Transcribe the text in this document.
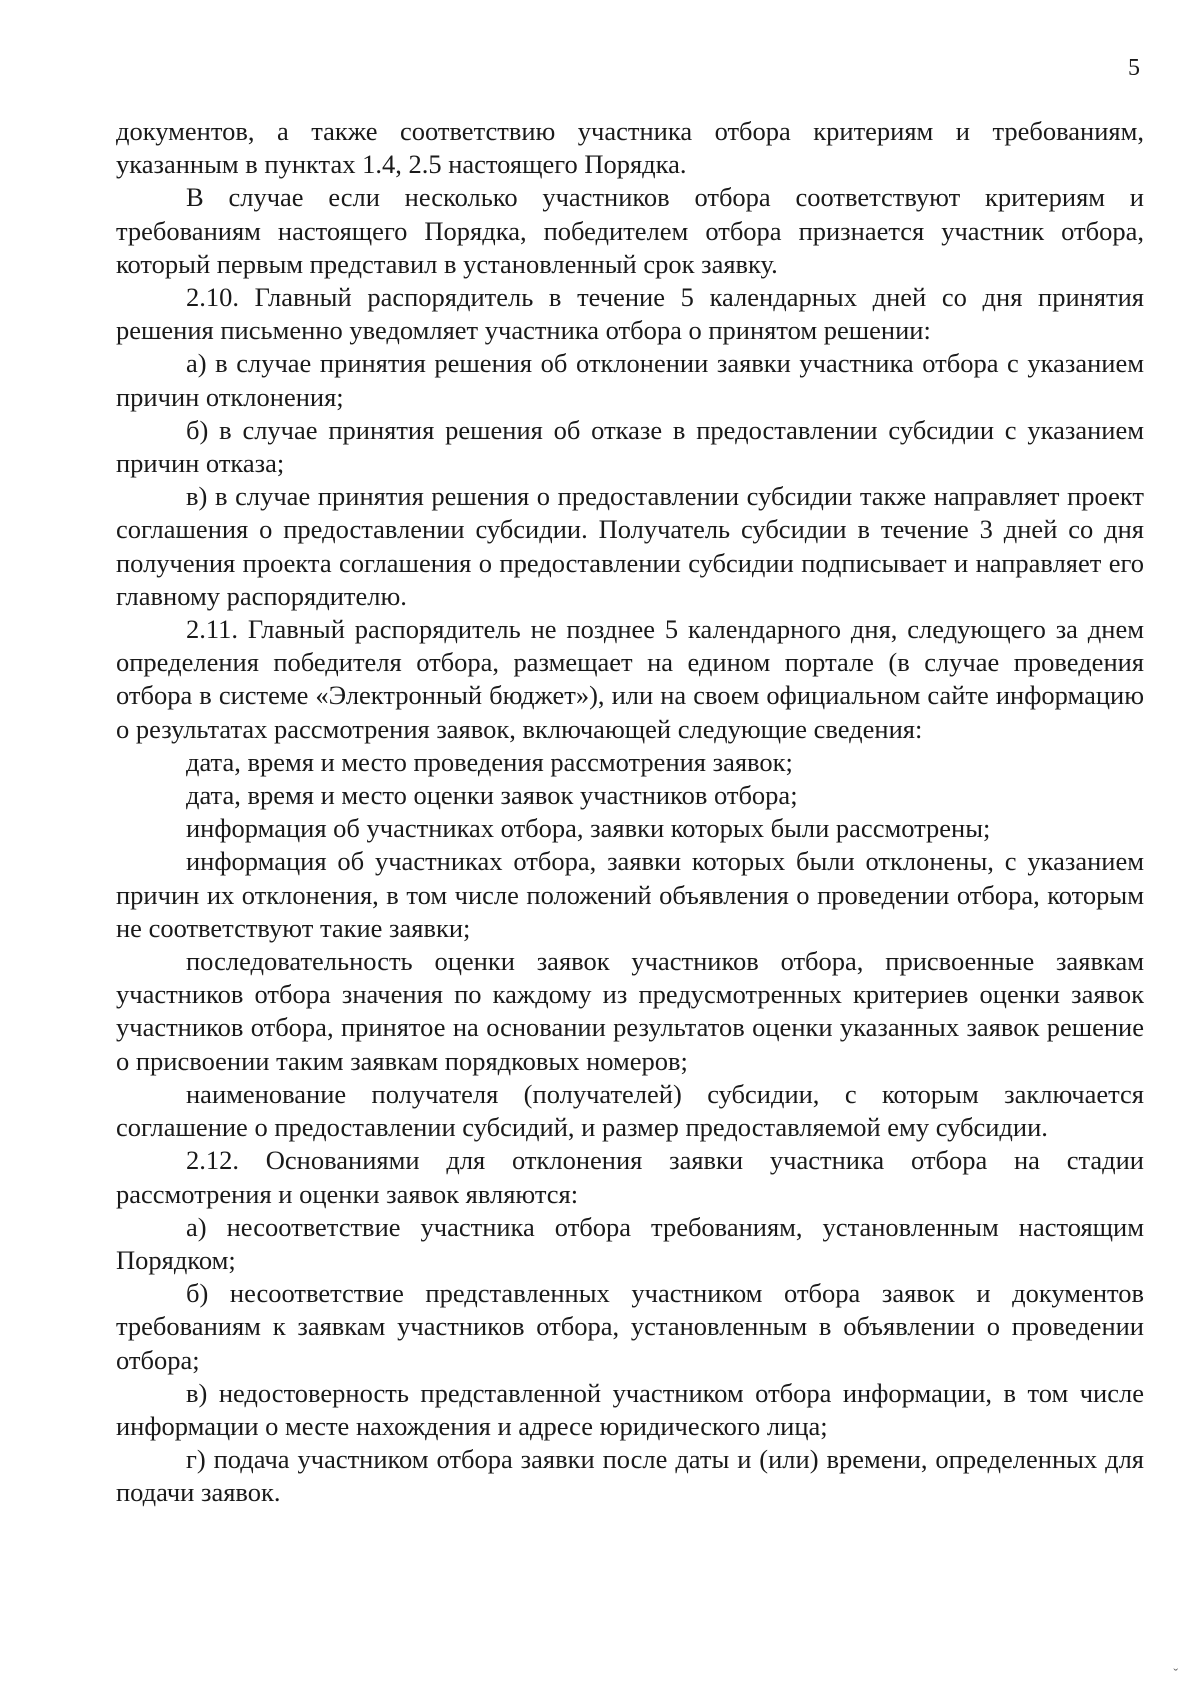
5

документов, а также соответствию участника отбора критериям и требованиям, указанным в пунктах 1.4, 2.5 настоящего Порядка.

В случае если несколько участников отбора соответствуют критериям и требованиям настоящего Порядка, победителем отбора признается участник отбора, который первым представил в установленный срок заявку.

2.10. Главный распорядитель в течение 5 календарных дней со дня принятия решения письменно уведомляет участника отбора о принятом решении:

а) в случае принятия решения об отклонении заявки участника отбора с указанием причин отклонения;

б) в случае принятия решения об отказе в предоставлении субсидии с указанием причин отказа;

в) в случае принятия решения о предоставлении субсидии также направляет проект соглашения о предоставлении субсидии. Получатель субсидии в течение 3 дней со дня получения проекта соглашения о предоставлении субсидии подписывает и направляет его главному распорядителю.

2.11. Главный распорядитель не позднее 5 календарного дня, следующего за днем определения победителя отбора, размещает на едином портале (в случае проведения отбора в системе «Электронный бюджет»), или на своем официальном сайте информацию о результатах рассмотрения заявок, включающей следующие сведения:

дата, время и место проведения рассмотрения заявок;

дата, время и место оценки заявок участников отбора;

информация об участниках отбора, заявки которых были рассмотрены;

информация об участниках отбора, заявки которых были отклонены, с указанием причин их отклонения, в том числе положений объявления о проведении отбора, которым не соответствуют такие заявки;

последовательность оценки заявок участников отбора, присвоенные заявкам участников отбора значения по каждому из предусмотренных критериев оценки заявок участников отбора, принятое на основании результатов оценки указанных заявок решение о присвоении таким заявкам порядковых номеров;

наименование получателя (получателей) субсидии, с которым заключается соглашение о предоставлении субсидий, и размер предоставляемой ему субсидии.

2.12. Основаниями для отклонения заявки участника отбора на стадии рассмотрения и оценки заявок являются:

а) несоответствие участника отбора требованиям, установленным настоящим Порядком;

б) несоответствие представленных участником отбора заявок и документов требованиям к заявкам участников отбора, установленным в объявлении о проведении отбора;

в) недостоверность представленной участником отбора информации, в том числе информации о месте нахождения и адресе юридического лица;

г) подача участником отбора заявки после даты и (или) времени, определенных для подачи заявок.

ˇ
